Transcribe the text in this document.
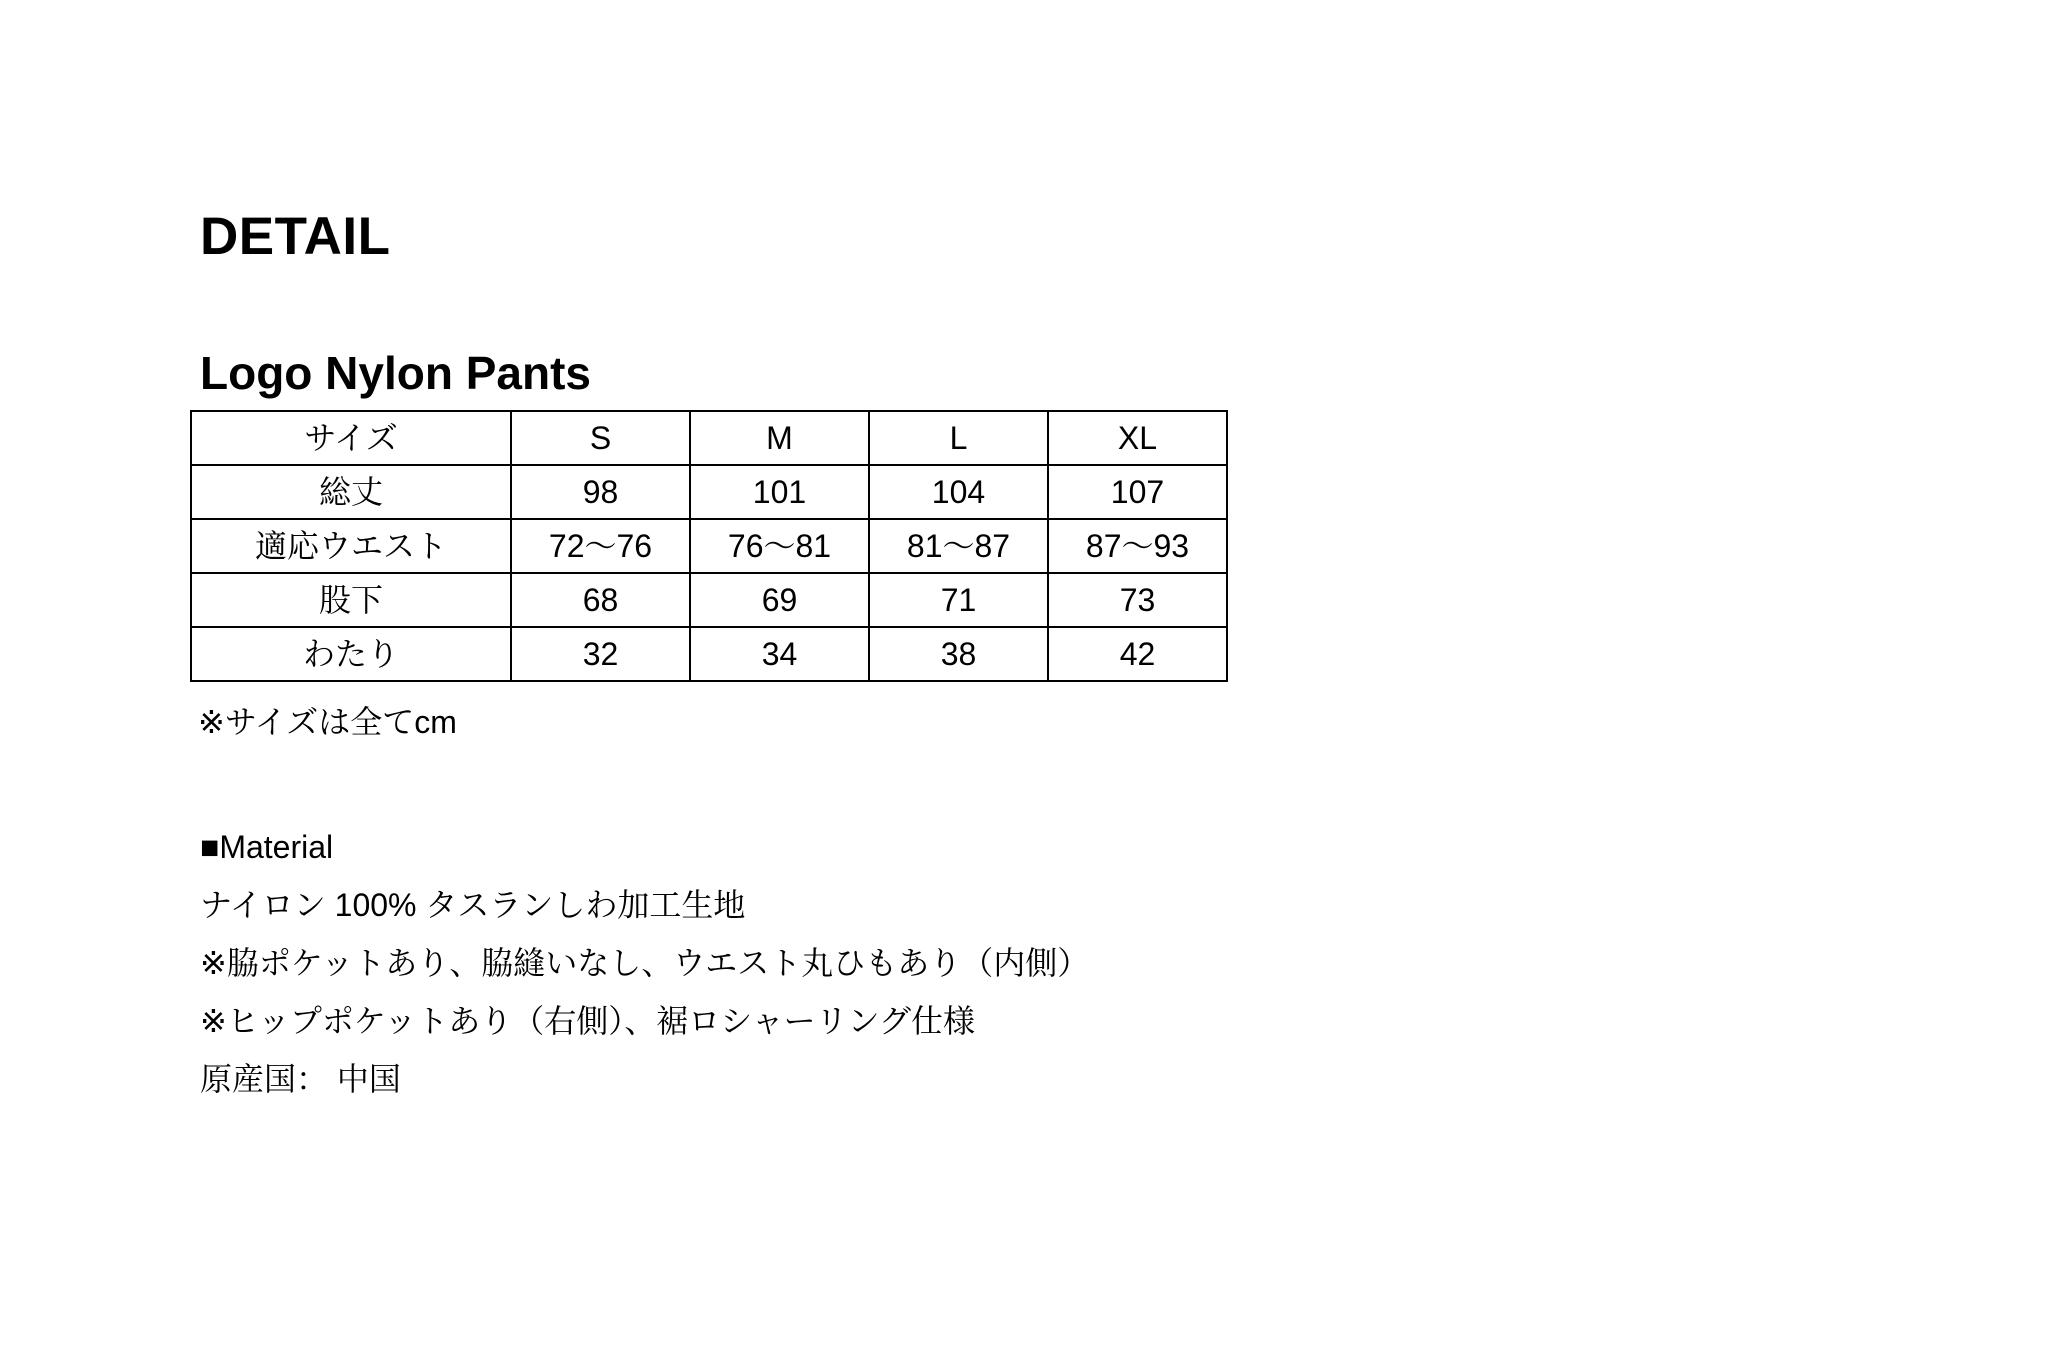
DETAIL
Logo Nylon Pants
サイズ	S	M	L	XL
総丈	98	101	104	107
適応ウエスト	72〜76	76〜81	81〜87	87〜93
股下	68	69	71	73
わたり	32	34	38	42
※サイズは全てcm
■Material
ナイロン 100% タスランしわ加工生地
※脇ポケットあり、脇縫いなし、ウエスト丸ひもあり（内側）
※ヒップポケットあり（右側）、裾ロシャーリング仕様
原産国： 中国
